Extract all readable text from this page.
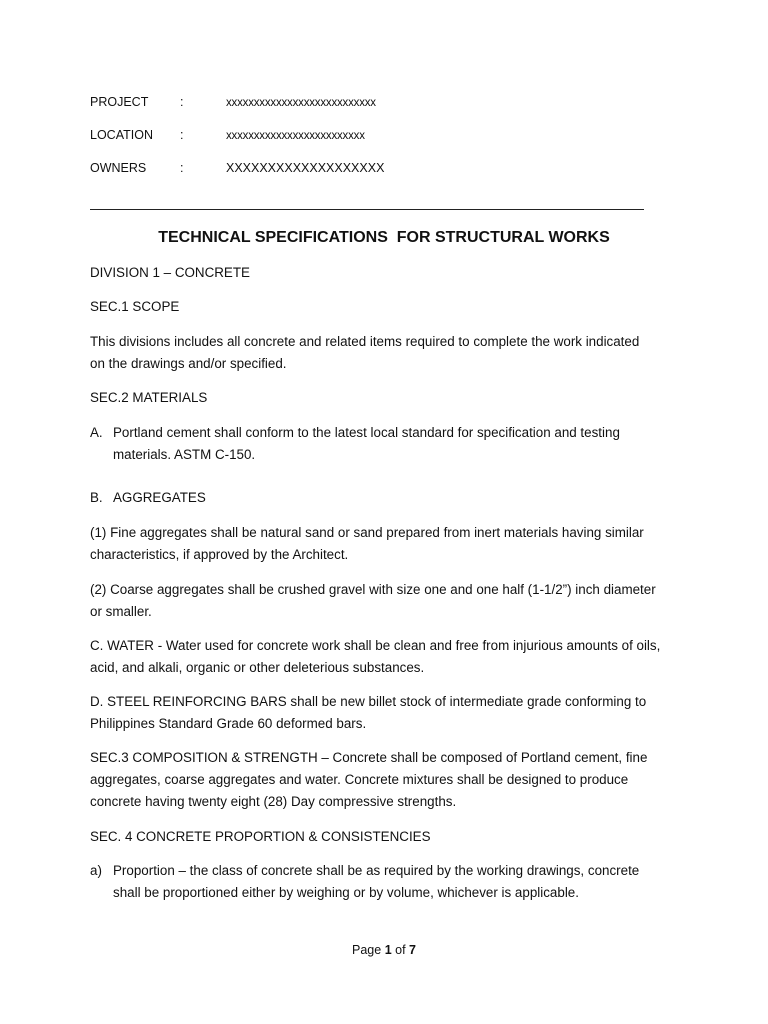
PROJECT	:	xxxxxxxxxxxxxxxxxxxxxxxxxxx
LOCATION :	xxxxxxxxxxxxxxxxxxxxxxxxx
OWNERS	:	XXXXXXXXXXXXXXXXXXX
TECHNICAL SPECIFICATIONS  FOR STRUCTURAL WORKS
DIVISION 1 – CONCRETE
SEC.1 SCOPE
This divisions includes all concrete and related items required to complete the work indicated
on the drawings and/or specified.
SEC.2 MATERIALS
A. Portland cement shall conform to the latest local standard for specification and testing
materials. ASTM C-150.
B. AGGREGATES
(1) Fine aggregates shall be natural sand or sand prepared from inert materials having similar
characteristics, if approved by the Architect.
(2) Coarse aggregates shall be crushed gravel with size one and one half (1-1/2”) inch diameter
or smaller.
C. WATER - Water used for concrete work shall be clean and free from injurious amounts of oils,
acid, and alkali, organic or other deleterious substances.
D. STEEL REINFORCING BARS shall be new billet stock of intermediate grade conforming to
Philippines Standard Grade 60 deformed bars.
SEC.3 COMPOSITION & STRENGTH – Concrete shall be composed of Portland cement, fine
aggregates, coarse aggregates and water. Concrete mixtures shall be designed to produce
concrete having twenty eight (28) Day compressive strengths.
SEC. 4 CONCRETE PROPORTION & CONSISTENCIES
a) Proportion – the class of concrete shall be as required by the working drawings, concrete
shall be proportioned either by weighing or by volume, whichever is applicable.
Page 1 of 7
